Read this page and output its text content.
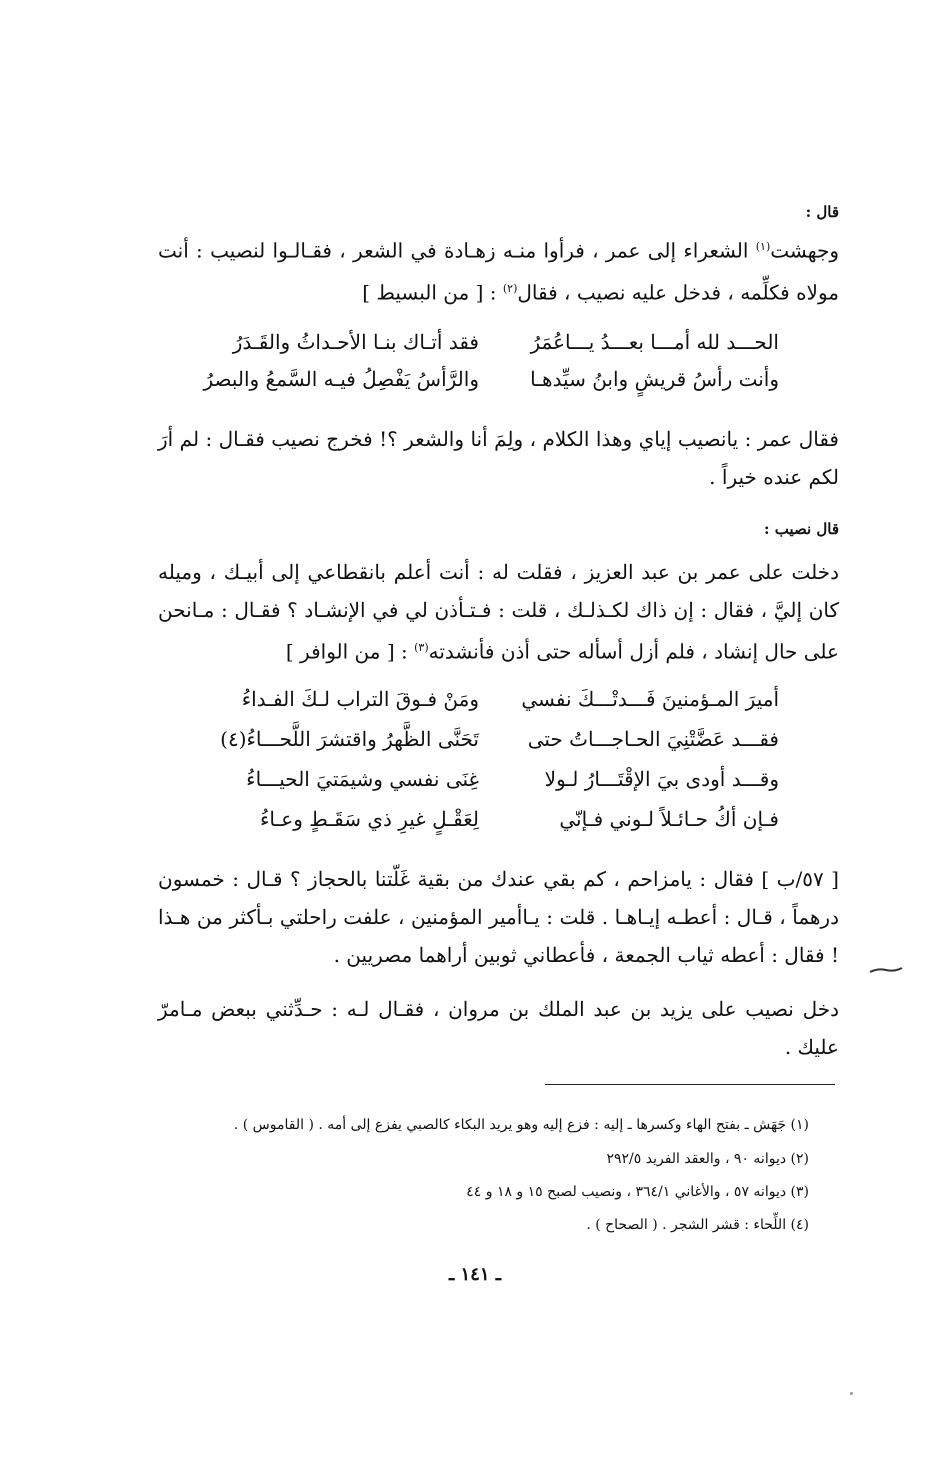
قال :
وجهشت$^{(١)}$ الشعراء إلى عمر ، فرأوا منـه زهـادة في الشعر ، فقـالـوا لنصيب : أنت مولاه فكلِّمه ، فدخل عليه نصيب ، فقال$^{(٢)}$ : [ من البسيط ]
الحـــد لله أمـــا بعـــدُ يـــاعُمَرُ
فقد أتـاك بنـا الأحـداثُ والقَـدَرُ
وأنت رأسُ قريشٍ وابنُ سيِّدهـا
والرَّأسُ يَفْصِلُ فيـه السَّمعُ والبصرُ
فقال عمر : يانصيب إياي وهذا الكلام ، ولِمَ أنا والشعر ؟! فخرج نصيب فقـال : لم أرَ لكم عنده خيراً .
قال نصيب :
دخلت على عمر بن عبد العزيز ، فقلت له : أنت أعلم بانقطاعي إلى أبيـك ، وميله كان إليَّ ، فقال : إن ذاك لكـذلـك ، قلت : فـتـأذن لي في الإنشـاد ؟ فقـال : مـانحن على حال إنشاد ، فلم أزل أسأله حتى أذن فأنشدته$^{(٣)}$ : [ من الوافر ]
أميرَ المـؤمنينَ فَـــدتْـــكَ نفسي
ومَنْ فـوقَ التراب لـكَ الفـداءُ
فقـــد عَضَّتْنِيَ الحـاجـــاتُ حتى
تَحَنَّى الظَّهرُ واقتشرَ اللَّحـــاءُ(٤)
وقـــد أودى بيَ الإقْتَـــارُ لـولا
غِنَى نفسي وشيمَتيَ الحيـــاءُ
فـإن أكُ حـائـلاً لـوني فـإنّي
لِعَقْـلٍ غيرِ ذي سَقَـطٍ وعـاءُ
[ ٥٧/ب ] فقال : يامزاحم ، كم بقي عندك من بقية غَلّتنا بالحجاز ؟ قـال : خمسون درهماً ، قـال : أعطـه إيـاهـا . قلت : يـاأمير المؤمنين ، علفت راحلتي بـأكثر من هـذا ! فقال : أعطه ثياب الجمعة ، فأعطاني ثوبين أراهما مصريين .
دخل نصيب على يزيد بن عبد الملك بن مروان ، فقـال لـه : حـدِّثني ببعض مـامرّ عليك .
(١) جَهَش ـ بفتح الهاء وكسرها ـ إليه : فزع إليه وهو يريد البكاء كالصبي يفزع إلى أمه . ( القاموس ) .
(٢) ديوانه ٩٠ ، والعقد الفريد ٢٩٢/٥
(٣) ديوانه ٥٧ ، والأغاني ٣٦٤/١ ، ونصيب لصبح ١٥ و ١٨ و ٤٤
(٤) اللِّحاء : قشر الشجر . ( الصحاح ) .
ـ ١٤١ ـ
